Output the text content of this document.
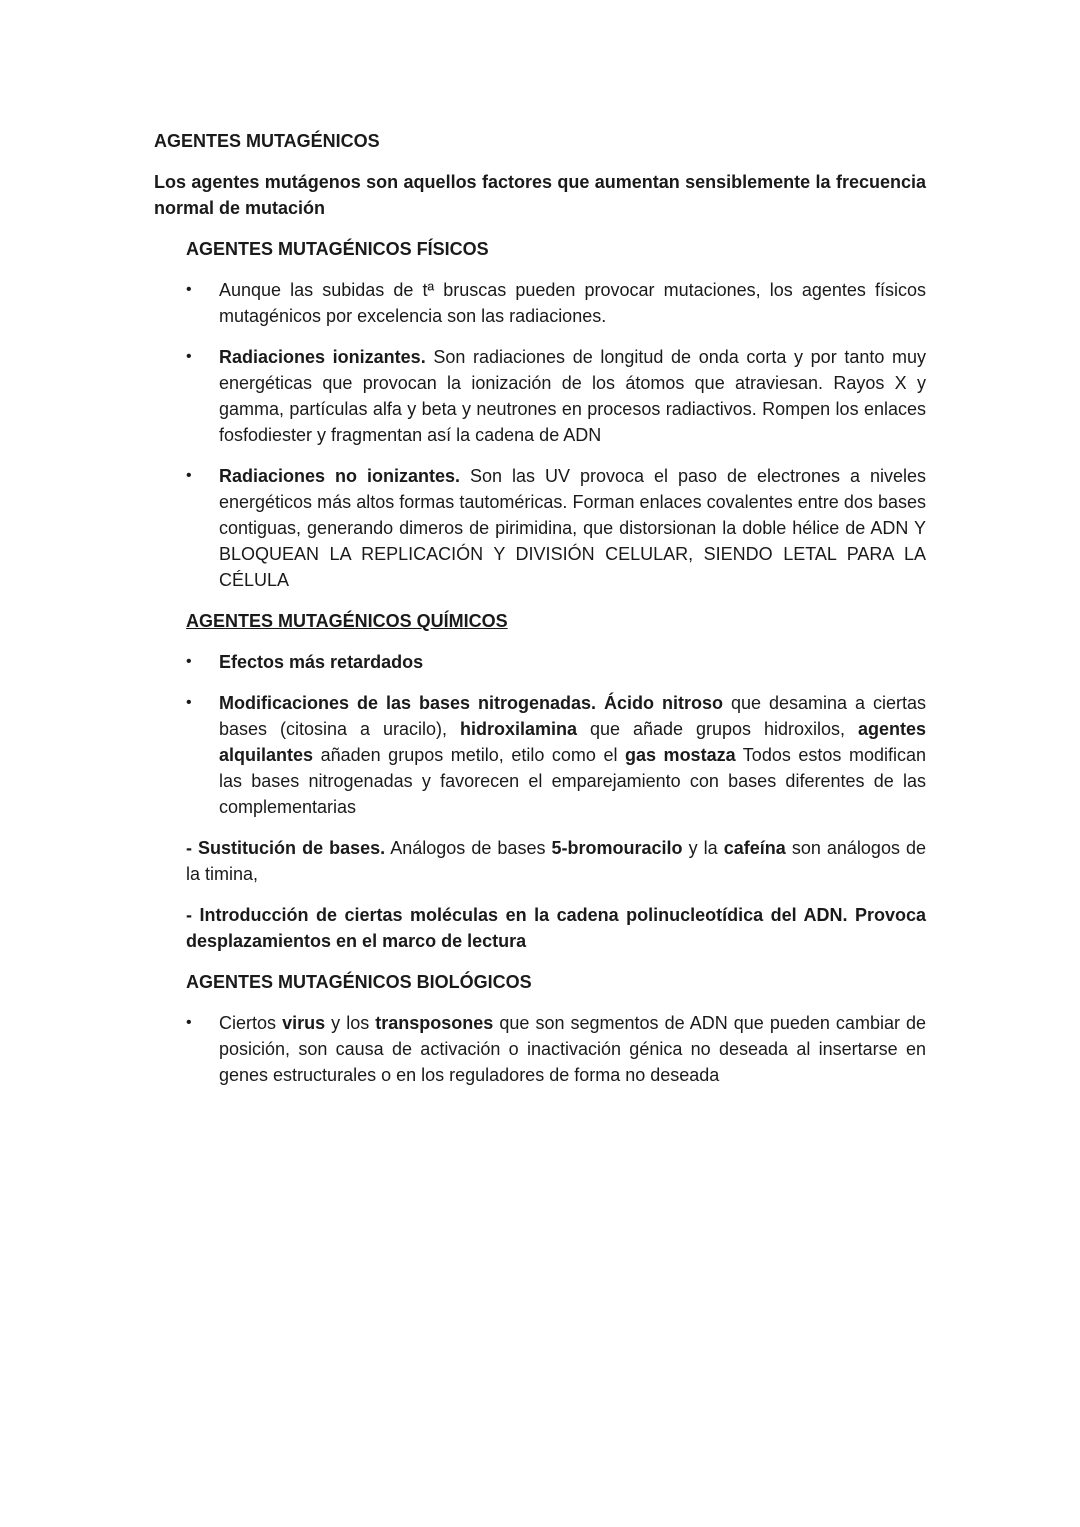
AGENTES MUTAGÉNICOS
Los agentes mutágenos son aquellos factores que aumentan sensiblemente la frecuencia normal de mutación
AGENTES MUTAGÉNICOS FÍSICOS
• Aunque las subidas de tª bruscas pueden provocar mutaciones, los agentes físicos mutagénicos por excelencia son las radiaciones.
• Radiaciones ionizantes. Son radiaciones de longitud de onda corta y por tanto muy energéticas que provocan la ionización de los átomos que atraviesan. Rayos X y gamma, partículas alfa y beta y neutrones en procesos radiactivos. Rompen los enlaces fosfodiester y fragmentan así la cadena de ADN
• Radiaciones no ionizantes. Son las UV provoca el paso de electrones a niveles energéticos más altos formas tautoméricas. Forman enlaces covalentes entre dos bases contiguas, generando dimeros de pirimidina, que distorsionan la doble hélice de ADN Y BLOQUEAN LA REPLICACIÓN Y DIVISIÓN CELULAR, SIENDO LETAL PARA LA CÉLULA
AGENTES MUTAGÉNICOS QUÍMICOS
• Efectos más retardados
• Modificaciones de las bases nitrogenadas. Ácido nitroso que desamina a ciertas bases (citosina a uracilo), hidroxilamina que añade grupos hidroxilos, agentes alquilantes añaden grupos metilo, etilo como el gas mostaza Todos estos modifican las bases nitrogenadas y favorecen el emparejamiento con bases diferentes de las complementarias
- Sustitución de bases. Análogos de bases 5-bromouracilo y la cafeína son análogos de la timina,
- Introducción de ciertas moléculas en la cadena polinucleotídica del ADN. Provoca desplazamientos en el marco de lectura
AGENTES MUTAGÉNICOS BIOLÓGICOS
• Ciertos virus y los transposones que son segmentos de ADN que pueden cambiar de posición, son causa de activación o inactivación génica no deseada al insertarse en genes estructurales o en los reguladores de forma no deseada
